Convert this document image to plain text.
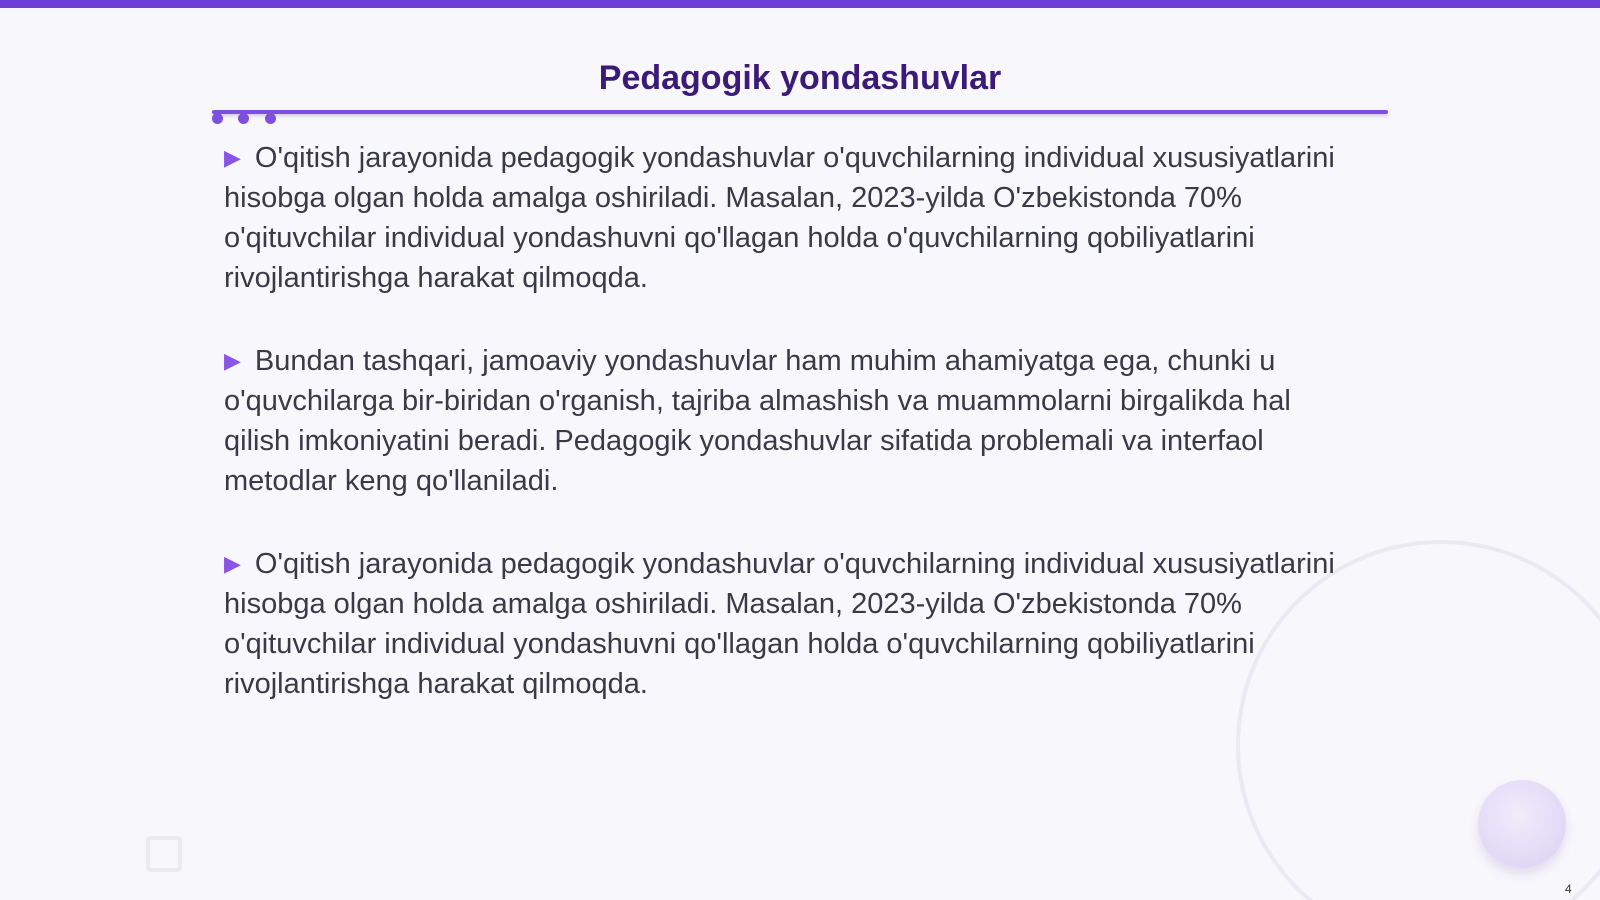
Pedagogik yondashuvlar

▶ O'qitish jarayonida pedagogik yondashuvlar o'quvchilarning individual xususiyatlarini hisobga olgan holda amalga oshiriladi. Masalan, 2023-yilda O'zbekistonda 70% o'qituvchilar individual yondashuvni qo'llagan holda o'quvchilarning qobiliyatlarini rivojlantirishga harakat qilmoqda.

▶ Bundan tashqari, jamoaviy yondashuvlar ham muhim ahamiyatga ega, chunki u o'quvchilarga bir-biridan o'rganish, tajriba almashish va muammolarni birgalikda hal qilish imkoniyatini beradi. Pedagogik yondashuvlar sifatida problemali va interfaol metodlar keng qo'llaniladi.

▶ O'qitish jarayonida pedagogik yondashuvlar o'quvchilarning individual xususiyatlarini hisobga olgan holda amalga oshiriladi. Masalan, 2023-yilda O'zbekistonda 70% o'qituvchilar individual yondashuvni qo'llagan holda o'quvchilarning qobiliyatlarini rivojlantirishga harakat qilmoqda.

4
